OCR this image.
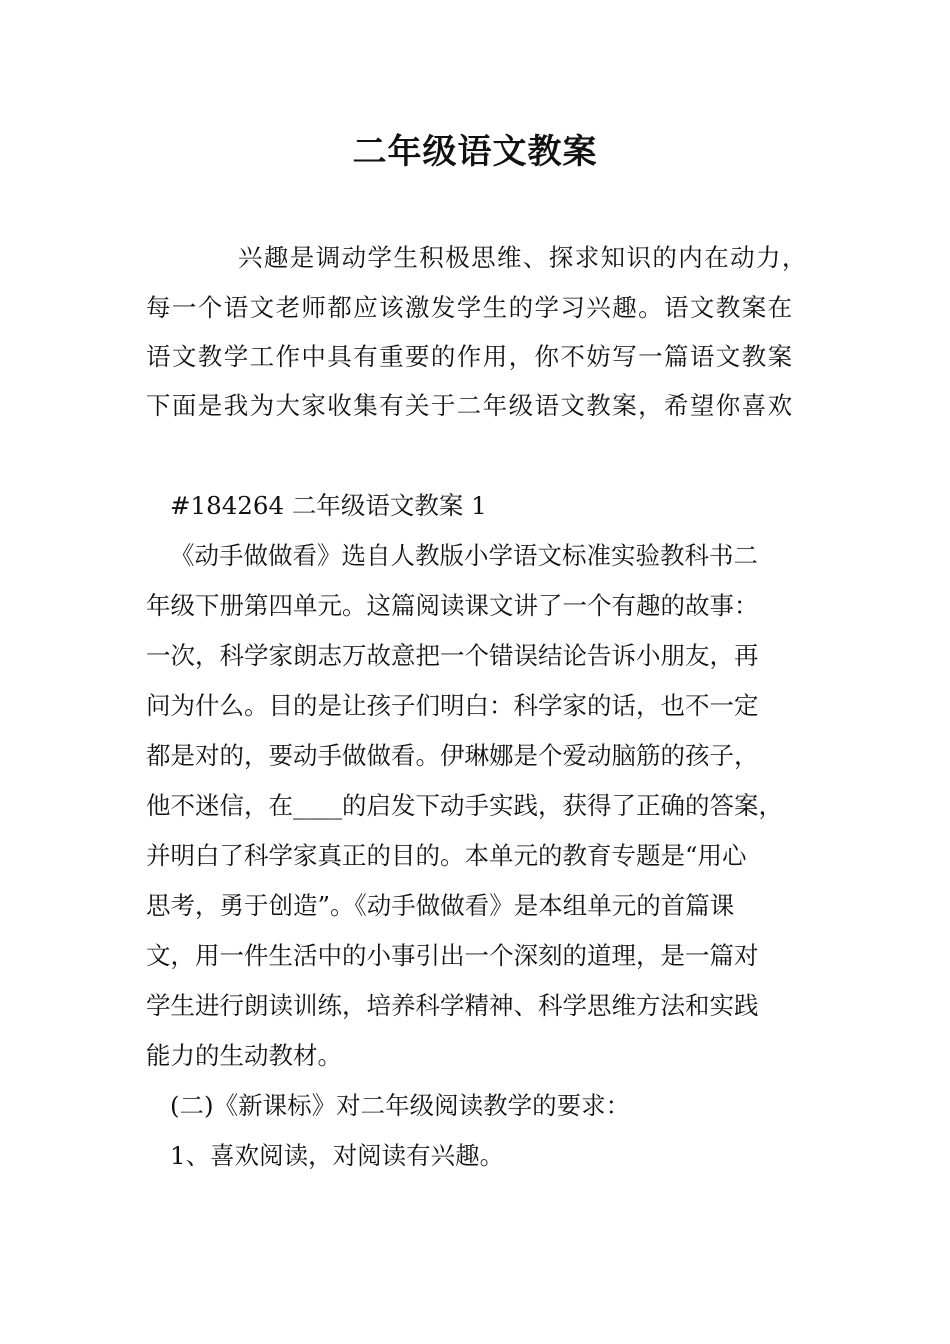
二年级语文教案

兴趣是调动学生积极思维、探求知识的内在动力，

每一个语文老师都应该激发学生的学习兴趣。语文教案在

语文教学工作中具有重要的作用，你不妨写一篇语文教案

下面是我为大家收集有关于二年级语文教案，希望你喜欢

#184264 二年级语文教案 1

《动手做做看》选自人教版小学语文标准实验教科书二

年级下册第四单元。这篇阅读课文讲了一个有趣的故事：

一次，科学家朗志万故意把一个错误结论告诉小朋友，再

问为什么。目的是让孩子们明白：科学家的话，也不一定

都是对的，要动手做做看。伊琳娜是个爱动脑筋的孩子，

他不迷信，在____的启发下动手实践，获得了正确的答案，

并明白了科学家真正的目的。本单元的教育专题是“用心

思考，勇于创造”。《动手做做看》是本组单元的首篇课

文，用一件生活中的小事引出一个深刻的道理，是一篇对

学生进行朗读训练，培养科学精神、科学思维方法和实践

能力的生动教材。

(二)《新课标》对二年级阅读教学的要求：

1、喜欢阅读，对阅读有兴趣。
